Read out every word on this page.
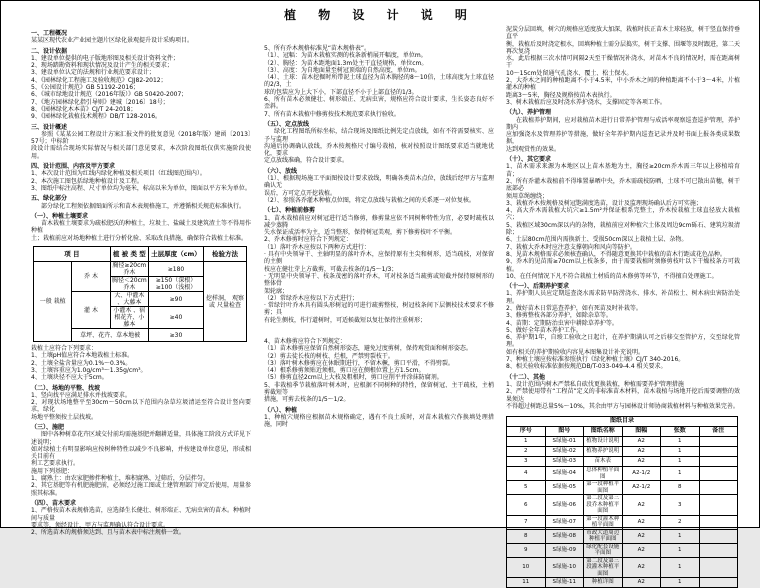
植 物 设 计 说 明
一、工程概况
某某区现代农业产业园主题片区绿化景观提升设计采购项目。
二、设计依据
1、建设单位提供的电子版地形图及相关设计资料文件；
2、现场踏勘资料和现状情况及设计产生的相关要求；
3、建设单位认定的法规和行业规范要求设计；
4、《园林绿化工程施工及验收规范》CJJ82-2012；
5、《公园设计规范》GB 51192-2016；
6、《城市绿地设计规范（2016年版）》GB 50420-2007；
7、《地方园林绿化指引导则》建城〔2016〕18号；
8、《园林绿化木本苗》CJ/T 24-2018；
9、《园林绿化栽植技术规程》DB/T 128-2016。
三、设计概述
参照《某某公园工程设计方案汇报文件的批复意见（2018年版）建函〔2013〕57号；中标阶
段设计需结合现场实际情况与相关部门意见要求，本次阶段图纸仅供实施阶段使用。
四、设计范围、内容及甲方要求
1、本次设计范围为红线内绿化种植及相关项目（红线图范围内）。
2、本次施工图包括绿地种植设计及工程。
3、图纸中标注高程、尺寸单位均为毫米，标高以米为单位，图面以平方米为单位。
五、绿化部分
部分绿化工程须依据图面所示和苗木表规格施工，并遵循相关规范标准执行。
（一）、种植土壤要求
苗木栽植土壤要求为疏松肥沃的种植土，垃圾土、盐碱土及建筑渣土等不得用作种植
土；栽植前应对场地种植土进行分析化验、采取改良措施，确保符合栽植土标准。
项 目		植 被 类 型	土层厚度（cm）	检验方法
一般 栽植	乔 木	胸径≥20cm乔木	≥180	挖样洞， 观察或 尺量检查
		胸径＜20cm乔木	≥150（深根）
≥100（浅根）	

	灌 木	大、中灌木 、大藤本	≥90	
		小灌木 、宿根花卉、小藤本	≥40	
	草坪、花卉、草本地被		≥30	
栽植土应符合下列要求：
1、土壤pH值应符合本地栽植土标准。
2、土壤全盐含量应为0.1%～0.3%。
3、土壤容重应为1.0g/cm³～1.35g/cm³。
4、土壤块径不应大于5cm。
（二）、场地的平整、找坡
1、竖向找平应满足排水并找坡要求。
2、对现状场地整平至30cm～50cm以下范围内杂草垃圾清运至符合设计竖向要求，绿化
场地平整须按土层找坡。
（三）、施肥
图中各种树草花卉区域交付前均需施基肥并翻耕适量，具体施工阶段方式详见下述说明；
如对绿植土有明显影响应按树种特性以减少不良影响，并按建设单位意见，形成相关目前有
利工艺要求执行。
施用下列基肥：
1、腐熟土：由农家肥掺拌种植土，堆积腐熟、过筛后，分层拌匀。
2、其它基肥等有机肥施肥前，必须经过施工图或土建管理部门审定后使用，用量参照其标准。
（四）、苗木要求
1、严格按苗木表规格选苗，应选择生长健壮、树形端正、无病虫害的苗木。种植时间与质量
要求等，须经设计、甲方与监理确认符合设计要求。
2、所选苗木的规格须达到、且与苗木表中标注规格一致。
5、所有乔木规格标准见“苗木规格表”。
（1）、冠幅：为苗木栽植实测的枝条新梢展开幅度，单位m。
（2）、胸径：为苗木距地面1.3m处主干直径规格，单位cm。
（3）、高度：为自地面量至树冠顶端的自然高度，单位m。
（4）、土球：苗木挖掘时所带泥土球直径为苗木胸径的8～10倍，土球高度为土球直径的2/3，土
球的包装应为上大下小，下部直径不小于上部直径的1/3。
6、所有苗木必须健壮、树形端正、无病虫害，规格应符合设计要求，生长姿态良好不歪斜。
7、所有苗木栽植中修剪按技术规范要求执行验收。
（五）、定点放线
绿化工程图纸所标坐标，结合现场及图纸比例先定点放线，如有不符需要核实、应予与监理
沟通后协调确认放线，乔木按规格尺寸编号栽植，核对按照设计图纸要求适当就地优化，要求
定点放线准确，符合设计要求。
（六）、放线
（1）、根据现场施工平面图按设计要求放线，明确各类苗木点位，放线后经甲方与监理确认无
误后，方可定点开挖栽植。
（2）、参照各乔灌木种植点位图，将定点放线与栽植之间的关系逐一对位复核。
（七）、种植前修剪
1、苗木栽植前应对树冠进行适当修剪，修剪量应依不同树种特性为宜，必要时疏枝以减少蒸腾
失水保证成活率为主，适当整形，保持树冠美观，剪下修剪枝叶不平衡。
2、乔木修剪时应符合下列规定：
（1）落叶乔木应按以下两种方式进行：
· 具有中央领导干、主轴明显的落叶乔木，应保持原有主尖和树形，适当疏枝，对保留的主侧
枝应在健壮芽上方截剪，可截去枝条的1/5～1/3；
· 无明显中央领导干、枝条茂密的落叶乔木，可对枝条适当疏剪或短截并保持原树形的整体骨
架轮廓；
（2）常绿乔木应按以下方式进行；
· 常绿针叶乔木具有圆头形树冠的可进行疏剪整枝，树冠枝条间下层侧枝技术要求不修剪；具
有轮生侧枝，作行道树时，可适候截短以复壮保持注重树形；
4、苗木修剪应符合下列规定：
（1）苗木修剪应保留自然树形姿态，避免过度剪树，保持观赏面和树形姿态。
（2）剪去徒长枝的树枝、烂根，严禁劈裂枝干。
（3）落叶树木修剪应在休眠期进行，不留木橛，剪口平滑，不得劈裂。
（4）根系修剪须贴近须根，剪口应在侧根位置上方1.5cm。
（5）修剪直径2cm以上大枝及粗根时，剪口应削平并涂抹防腐剂。
5、非栽植季节栽植落叶树木时，应根据不同树种的特性，保留树冠、主干疏枝，主梢剪截短等
措施，可剪去枝条的1/5～1/2。
（八）、种植
1、种植穴规格应根据苗木规格确定，遇有不良土质时，对苗木栽植穴作换填处理措施，同时
泥炭分层回填，树穴的规格应适度放大加深，栽植时扶正苗木土球轻放，树干竖直保持垂直平
衡，栽植后及时浇定根水，回填种植土需分层捣实，树干支撑、围堰等及时跟进，第二天再次复浇
水，此后根据三次水情可间隔2天至干燥情况补浇水，对苗木不良的情况时，需在距离树干
10～15cm处留通气孔浇水、覆土、松土保水。
2、大乔木之间的种植距离不小于4.5米，中小乔木之间的种植距离不小于3～4米，片植灌木的种植
距离3～5米，胸径及规格按苗木表执行。
3、树木栽植后应及时浇水养护浇水，支撑固定等各项工作。
（九）、养护管理
在栽植养护期间，应对栽植苗木进行日常养护管理与成活率观察巡查巡护管理，养护期内
应加强浇水及管理养护等措施，做好全年养护期内巡查记录并及时书面上报各类成果数据，
达到观赏性的效果。
（十）、其它要求
1、苗木需求来源为本地区以上苗木基地为主，胸径≥20cm乔木需三年以上移植培育苗；
2、所有乔灌木栽植前不得堆置暴晒中央，乔木需疏枝防晒，土球不可已散出苗穗，树干底部必
须用草绳缠绕；
3、栽植乔木按规格及树冠饱满度选苗，设计及监理现场确认后方可实施；
4、高大乔木需栽植大坑穴≥1.5m²并保证根系完整土，乔木按栽植土球直径放大栽植穴；
5、栽植区域30cm深以内的杂物，栽植前应对种植穴土体及周边9cm砾石、建筑垃圾清除；
6、土层80cm范围内需换新土、受损50cm深以上栽植土层、杂物。
7、栽植大乔木时应注意支撑朝向和风向等防护。
8、见苗木规格需求必须核查确认，不得随意更换其中栽植的苗木行距或花色品种。
9、乔木的见苗需≥70cm以上枝条多，由于需要栽植时须修剪枝叶以下干燥枝条方可栽植。
10、在任何情况下凡不符合栽植土材质的苗木修剪等环节，不得擅自处理施工。
（十一）、后期养护要求
1、养护期人员应定期巡查浇水需求防旱防涝浇水、排水、补苗松土、树木病虫害防治处理。
2、做好苗木日常巡查养护，如有死苗及时补栽等。
3、修剪整枝各部分养护，如除杂草等。
4、苗期：定期防治虫害中耕除草养护等。
5、做好全年苗木养护工作。
6、养护期1年，自竣工验收之日起计，在养护期满认可之后移交至管护方，交至绿化管理。
如有相关的养护期验收内容见本图集设计补充说明。
7、种植土壤应按标准参照执行《绿化种植土壤》CJ/T 340-2016。
8、相关验收标准依据按规范DB/T-033-049-4.4 相关要求。
（十二）、其他
1、设计范围内树木严禁私自砍伐更换栽植，种植需要养护管理措施
2、严禁使用带有“工程苗”定义的非标准苗木材料，苗木栽植与场地开挖后需要调整的效果须达
不得超过树距总量5%～10%，其余由甲方与园林设计师协商栽植材料与种植效果完善。
图纸目录					
序号	图号	图纸名称	图幅	张数	备注
1	S绿施-01	植物设计说明	A2	1	
2	S绿施-02	植物养护说明	A2	1	
3	S绿施-03	苗木表	A2	1	
4	S绿施-04	总体种植平面图	A2-1/2	1	
5	S绿施-05	第一段种植平面图	A2-1/2	8	
6	S绿施-06	第二段及第三段乔木种植平面图	A2	3	
7	S绿施-07	第一段灌木种植平面图	A2	2	
8	S绿施-08	市政大道周边种植平面图	A2	1	
9	S绿施-09	绿化配套设施平面图	A2	1	
10	S绿施-10	第二段及第三段灌木种植平面图	A2	1	
11	S绿施-11	种植详图	A2	1	
